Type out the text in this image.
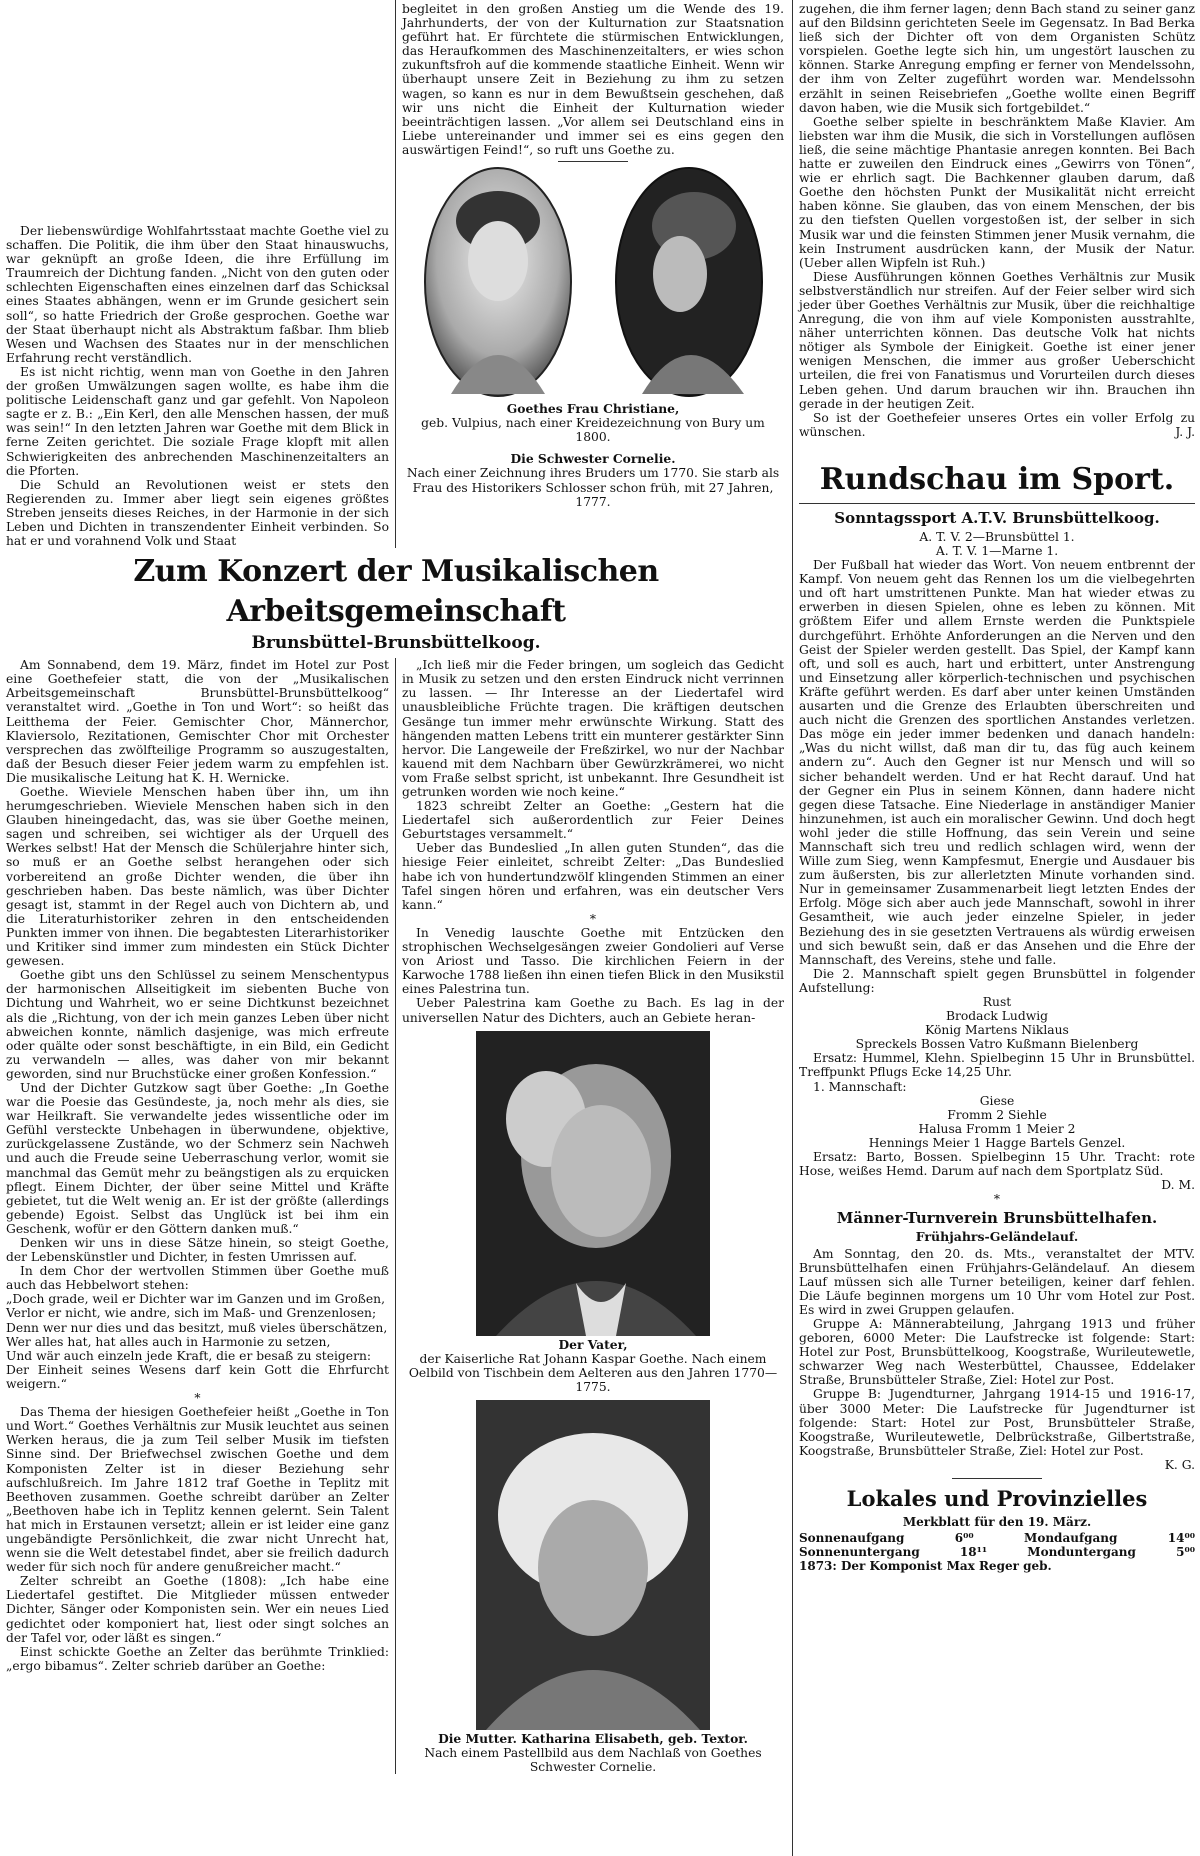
Der liebenswürdige Wohlfahrtsstaat machte Goethe viel zu schaffen. Die Politik, die ihm über den Staat hinauswuchs, war geknüpft an große Ideen, die ihre Erfüllung im Traumreich der Dichtung fanden. „Nicht von den guten oder schlechten Eigenschaften eines einzelnen darf das Schicksal eines Staates abhängen, wenn er im Grunde gesichert sein soll“, so hatte Friedrich der Große gesprochen. Goethe war der Staat überhaupt nicht als Abstraktum faßbar. Ihm blieb Wesen und Wachsen des Staates nur in der menschlichen Erfahrung recht verständlich.

Es ist nicht richtig, wenn man von Goethe in den Jahren der großen Umwälzungen sagen wollte, es habe ihm die politische Leidenschaft ganz und gar gefehlt. Von Napoleon sagte er z. B.: „Ein Kerl, den alle Menschen hassen, der muß was sein!“ In den letzten Jahren war Goethe mit dem Blick in ferne Zeiten gerichtet. Die soziale Frage klopft mit allen Schwierigkeiten des anbrechenden Maschinenzeitalters an die Pforten.

Die Schuld an Revolutionen weist er stets den Regierenden zu. Immer aber liegt sein eigenes größtes Streben jenseits dieses Reiches, in der Harmonie in der sich Leben und Dichten in transzendenter Einheit verbinden. So hat er und vorahnend Volk und Staat

begleitet in den großen Anstieg um die Wende des 19. Jahrhunderts, der von der Kulturnation zur Staatsnation geführt hat. Er fürchtete die stürmischen Entwicklungen, das Heraufkommen des Maschinenzeitalters, er wies schon zukunftsfroh auf die kommende staatliche Einheit. Wenn wir überhaupt unsere Zeit in Beziehung zu ihm zu setzen wagen, so kann es nur in dem Bewußtsein geschehen, daß wir uns nicht die Einheit der Kulturnation wieder beeinträchtigen lassen. „Vor allem sei Deutschland eins in Liebe untereinander und immer sei es eins gegen den auswärtigen Feind!“, so ruft uns Goethe zu.

Goethes Frau Christiane,
geb. Vulpius, nach einer Kreidezeichnung von Bury um 1800.
Die Schwester Cornelie.
Nach einer Zeichnung ihres Bruders um 1770. Sie starb als Frau des Historikers Schlosser schon früh, mit 27 Jahren, 1777.
Zum Konzert der Musikalischen Arbeitsgemeinschaft
Brunsbüttel-Brunsbüttelkoog.

Am Sonnabend, dem 19. März, findet im Hotel zur Post eine Goethefeier statt, die von der „Musikalischen Arbeitsgemeinschaft Brunsbüttel-Brunsbüttelkoog“ veranstaltet wird. „Goethe in Ton und Wort“: so heißt das Leitthema der Feier. Gemischter Chor, Männerchor, Klaviersolo, Rezitationen, Gemischter Chor mit Orchester versprechen das zwölfteilige Programm so auszugestalten, daß der Besuch dieser Feier jedem warm zu empfehlen ist. Die musikalische Leitung hat K. H. Wernicke.

Goethe. Wieviele Menschen haben über ihn, um ihn herumgeschrieben. Wieviele Menschen haben sich in den Glauben hineingedacht, das, was sie über Goethe meinen, sagen und schreiben, sei wichtiger als der Urquell des Werkes selbst! Hat der Mensch die Schülerjahre hinter sich, so muß er an Goethe selbst herangehen oder sich vorbereitend an große Dichter wenden, die über ihn geschrieben haben. Das beste nämlich, was über Dichter gesagt ist, stammt in der Regel auch von Dichtern ab, und die Literaturhistoriker zehren in den entscheidenden Punkten immer von ihnen. Die begabtesten Literarhistoriker und Kritiker sind immer zum mindesten ein Stück Dichter gewesen.

Goethe gibt uns den Schlüssel zu seinem Menschentypus der harmonischen Allseitigkeit im siebenten Buche von Dichtung und Wahrheit, wo er seine Dichtkunst bezeichnet als die „Richtung, von der ich mein ganzes Leben über nicht abweichen konnte, nämlich dasjenige, was mich erfreute oder quälte oder sonst beschäftigte, in ein Bild, ein Gedicht zu verwandeln — alles, was daher von mir bekannt geworden, sind nur Bruchstücke einer großen Konfession.“

Und der Dichter Gutzkow sagt über Goethe: „In Goethe war die Poesie das Gesündeste, ja, noch mehr als dies, sie war Heilkraft. Sie verwandelte jedes wissentliche oder im Gefühl versteckte Unbehagen in überwundene, objektive, zurückgelassene Zustände, wo der Schmerz sein Nachweh und auch die Freude seine Ueberraschung verlor, womit sie manchmal das Gemüt mehr zu beängstigen als zu erquicken pflegt. Einem Dichter, der über seine Mittel und Kräfte gebietet, tut die Welt wenig an. Er ist der größte (allerdings gebende) Egoist. Selbst das Unglück ist bei ihm ein Geschenk, wofür er den Göttern danken muß.“

Denken wir uns in diese Sätze hinein, so steigt Goethe, der Lebenskünstler und Dichter, in festen Umrissen auf.

In dem Chor der wertvollen Stimmen über Goethe muß auch das Hebbelwort stehen:

„Doch grade, weil er Dichter war im Ganzen und im Großen,

Verlor er nicht, wie andre, sich im Maß- und Grenzenlosen;

Denn wer nur dies und das besitzt, muß vieles überschätzen,

Wer alles hat, hat alles auch in Harmonie zu setzen,

Und wär auch einzeln jede Kraft, die er besaß zu steigern:

Der Einheit seines Wesens darf kein Gott die Ehrfurcht weigern.“

*

Das Thema der hiesigen Goethefeier heißt „Goethe in Ton und Wort.“ Goethes Verhältnis zur Musik leuchtet aus seinen Werken heraus, die ja zum Teil selber Musik im tiefsten Sinne sind. Der Briefwechsel zwischen Goethe und dem Komponisten Zelter ist in dieser Beziehung sehr aufschlußreich. Im Jahre 1812 traf Goethe in Teplitz mit Beethoven zusammen. Goethe schreibt darüber an Zelter „Beethoven habe ich in Teplitz kennen gelernt. Sein Talent hat mich in Erstaunen versetzt; allein er ist leider eine ganz ungebändigte Persönlichkeit, die zwar nicht Unrecht hat, wenn sie die Welt detestabel findet, aber sie freilich dadurch weder für sich noch für andere genußreicher macht.“

Zelter schreibt an Goethe (1808): „Ich habe eine Liedertafel gestiftet. Die Mitglieder müssen entweder Dichter, Sänger oder Komponisten sein. Wer ein neues Lied gedichtet oder komponiert hat, liest oder singt solches an der Tafel vor, oder läßt es singen.“

Einst schickte Goethe an Zelter das berühmte Trinklied: „ergo bibamus“. Zelter schrieb darüber an Goethe:

„Ich ließ mir die Feder bringen, um sogleich das Gedicht in Musik zu setzen und den ersten Eindruck nicht verrinnen zu lassen. — Ihr Interesse an der Liedertafel wird unausbleibliche Früchte tragen. Die kräftigen deutschen Gesänge tun immer mehr erwünschte Wirkung. Statt des hängenden matten Lebens tritt ein munterer gestärkter Sinn hervor. Die Langeweile der Freßzirkel, wo nur der Nachbar kauend mit dem Nachbarn über Gewürzkrämerei, wo nicht vom Fraße selbst spricht, ist unbekannt. Ihre Gesundheit ist getrunken worden wie noch keine.“

1823 schreibt Zelter an Goethe: „Gestern hat die Liedertafel sich außerordentlich zur Feier Deines Geburtstages versammelt.“

Ueber das Bundeslied „In allen guten Stunden“, das die hiesige Feier einleitet, schreibt Zelter: „Das Bundeslied habe ich von hundertundzwölf klingenden Stimmen an einer Tafel singen hören und erfahren, was ein deutscher Vers kann.“

*

In Venedig lauschte Goethe mit Entzücken den strophischen Wechselgesängen zweier Gondolieri auf Verse von Ariost und Tasso. Die kirchlichen Feiern in der Karwoche 1788 ließen ihn einen tiefen Blick in den Musikstil eines Palestrina tun.

Ueber Palestrina kam Goethe zu Bach. Es lag in der universellen Natur des Dichters, auch an Gebiete heran-

Der Vater,
der Kaiserliche Rat Johann Kaspar Goethe. Nach einem Oelbild von Tischbein dem Aelteren aus den Jahren 1770—1775.
Die Mutter. Katharina Elisabeth, geb. Textor.
Nach einem Pastellbild aus dem Nachlaß von Goethes Schwester Cornelie.

zugehen, die ihm ferner lagen; denn Bach stand zu seiner ganz auf den Bildsinn gerichteten Seele im Gegensatz. In Bad Berka ließ sich der Dichter oft von dem Organisten Schütz vorspielen. Goethe legte sich hin, um ungestört lauschen zu können. Starke Anregung empfing er ferner von Mendelssohn, der ihm von Zelter zugeführt worden war. Mendelssohn erzählt in seinen Reisebriefen „Goethe wollte einen Begriff davon haben, wie die Musik sich fortgebildet.“

Goethe selber spielte in beschränktem Maße Klavier. Am liebsten war ihm die Musik, die sich in Vorstellungen auflösen ließ, die seine mächtige Phantasie anregen konnten. Bei Bach hatte er zuweilen den Eindruck eines „Gewirrs von Tönen“, wie er ehrlich sagt. Die Bachkenner glauben darum, daß Goethe den höchsten Punkt der Musikalität nicht erreicht haben könne. Sie glauben, das von einem Menschen, der bis zu den tiefsten Quellen vorgestoßen ist, der selber in sich Musik war und die feinsten Stimmen jener Musik vernahm, die kein Instrument ausdrücken kann, der Musik der Natur. (Ueber allen Wipfeln ist Ruh.)

Diese Ausführungen können Goethes Verhältnis zur Musik selbstverständlich nur streifen. Auf der Feier selber wird sich jeder über Goethes Verhältnis zur Musik, über die reichhaltige Anregung, die von ihm auf viele Komponisten ausstrahlte, näher unterrichten können. Das deutsche Volk hat nichts nötiger als Symbole der Einigkeit. Goethe ist einer jener wenigen Menschen, die immer aus großer Ueberschicht urteilen, die frei von Fanatismus und Vorurteilen durch dieses Leben gehen. Und darum brauchen wir ihn. Brauchen ihn gerade in der heutigen Zeit.

So ist der Goethefeier unseres Ortes ein voller Erfolg zu wünschen.	J. J.

Rundschau im Sport.
Sonntagssport A.T.V. Brunsbüttelkoog.

A. T. V. 2—Brunsbüttel 1.

A. T. V. 1—Marne 1.

Der Fußball hat wieder das Wort. Von neuem entbrennt der Kampf. Von neuem geht das Rennen los um die vielbegehrten und oft hart umstrittenen Punkte. Man hat wieder etwas zu erwerben in diesen Spielen, ohne es leben zu können. Mit größtem Eifer und allem Ernste werden die Punktspiele durchgeführt. Erhöhte Anforderungen an die Nerven und den Geist der Spieler werden gestellt. Das Spiel, der Kampf kann oft, und soll es auch, hart und erbittert, unter Anstrengung und Einsetzung aller körperlich-technischen und psychischen Kräfte geführt werden. Es darf aber unter keinen Umständen ausarten und die Grenze des Erlaubten überschreiten und auch nicht die Grenzen des sportlichen Anstandes verletzen. Das möge ein jeder immer bedenken und danach handeln: „Was du nicht willst, daß man dir tu, das füg auch keinem andern zu“. Auch den Gegner ist nur Mensch und will so sicher behandelt werden. Und er hat Recht darauf. Und hat der Gegner ein Plus in seinem Können, dann hadere nicht gegen diese Tatsache. Eine Niederlage in anständiger Manier hinzunehmen, ist auch ein moralischer Gewinn. Und doch hegt wohl jeder die stille Hoffnung, das sein Verein und seine Mannschaft sich treu und redlich schlagen wird, wenn der Wille zum Sieg, wenn Kampfesmut, Energie und Ausdauer bis zum äußersten, bis zur allerletzten Minute vorhanden sind. Nur in gemeinsamer Zusammenarbeit liegt letzten Endes der Erfolg. Möge sich aber auch jede Mannschaft, sowohl in ihrer Gesamtheit, wie auch jeder einzelne Spieler, in jeder Beziehung des in sie gesetzten Vertrauens als würdig erweisen und sich bewußt sein, daß er das Ansehen und die Ehre der Mannschaft, des Vereins, stehe und falle.

Die 2. Mannschaft spielt gegen Brunsbüttel in folgender Aufstellung:

Rust

Brodack Ludwig

König Martens Niklaus

Spreckels Bossen Vatro Kußmann Bielenberg

Ersatz: Hummel, Klehn. Spielbeginn 15 Uhr in Brunsbüttel. Treffpunkt Pflugs Ecke 14,25 Uhr.

1. Mannschaft:

Giese

Fromm 2 Siehle

Halusa Fromm 1 Meier 2

Hennings Meier 1 Hagge Bartels Genzel.

Ersatz: Barto, Bossen. Spielbeginn 15 Uhr. Tracht: rote Hose, weißes Hemd. Darum auf nach dem Sportplatz Süd.

D. M.

*

Männer-Turnverein Brunsbüttelhafen.
Frühjahrs-Geländelauf.

Am Sonntag, den 20. ds. Mts., veranstaltet der MTV. Brunsbüttelhafen einen Frühjahrs-Geländelauf. An diesem Lauf müssen sich alle Turner beteiligen, keiner darf fehlen. Die Läufe beginnen morgens um 10 Uhr vom Hotel zur Post. Es wird in zwei Gruppen gelaufen.

Gruppe A: Männerabteilung, Jahrgang 1913 und früher geboren, 6000 Meter: Die Laufstrecke ist folgende: Start: Hotel zur Post, Brunsbüttelkoog, Koogstraße, Wurileutewetle, schwarzer Weg nach Westerbüttel, Chaussee, Eddelaker Straße, Brunsbütteler Straße, Ziel: Hotel zur Post.

Gruppe B: Jugendturner, Jahrgang 1914-15 und 1916-17, über 3000 Meter: Die Laufstrecke für Jugendturner ist folgende: Start: Hotel zur Post, Brunsbütteler Straße, Koogstraße, Wurileutewetle, Delbrückstraße, Gilbertstraße, Koogstraße, Brunsbütteler Straße, Ziel: Hotel zur Post.

K. G.

Lokales und Provinzielles
Merkblatt für den 19. März.
Sonnenaufgang	6⁰⁰	Mondaufgang	14⁰⁰
Sonnenuntergang	18¹¹	Monduntergang	5⁰⁰

1873: Der Komponist Max Reger geb.
